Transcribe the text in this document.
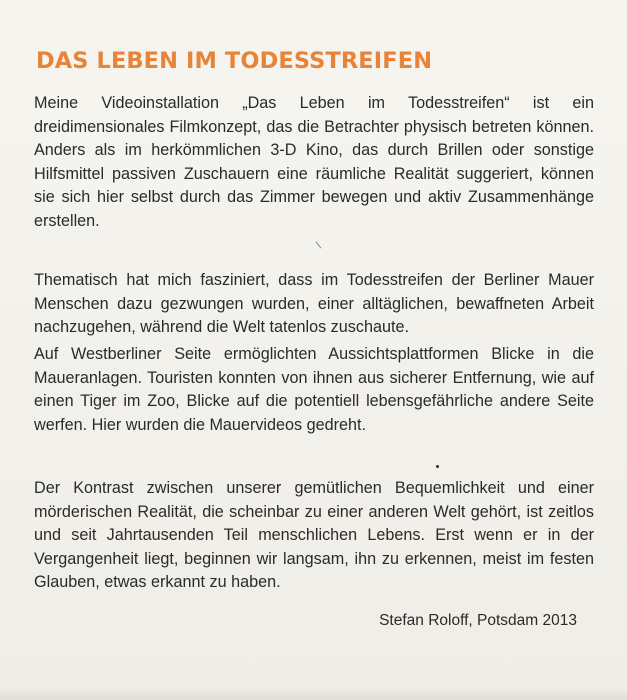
DAS LEBEN IM TODESSTREIFEN

Meine Videoinstallation „Das Leben im Todesstreifen“ ist ein dreidimensionales Filmkonzept, das die Betrachter physisch betreten können. Anders als im herkömmlichen 3-D Kino, das durch Brillen oder sonstige Hilfsmittel passiven Zuschauern eine räumliche Realität suggeriert, können sie sich hier selbst durch das Zimmer bewegen und aktiv Zusammenhänge erstellen.

Thematisch hat mich fasziniert, dass im Todesstreifen der Berliner Mauer Menschen dazu gezwungen wurden, einer alltäglichen, bewaffneten Arbeit nachzugehen, während die Welt tatenlos zuschaute.

Auf Westberliner Seite ermöglichten Aussichtsplattformen Blicke in die Maueranlagen. Touristen konnten von ihnen aus sicherer Entfernung, wie auf einen Tiger im Zoo, Blicke auf die potentiell lebensgefährliche andere Seite werfen. Hier wurden die Mauervideos gedreht.

Der Kontrast zwischen unserer gemütlichen Bequemlichkeit und einer mörderischen Realität, die scheinbar zu einer anderen Welt gehört, ist zeitlos und seit Jahrtausenden Teil menschlichen Lebens. Erst wenn er in der Vergangenheit liegt, beginnen wir langsam, ihn zu erkennen, meist im festen Glauben, etwas erkannt zu haben.

Stefan Roloff, Potsdam 2013
